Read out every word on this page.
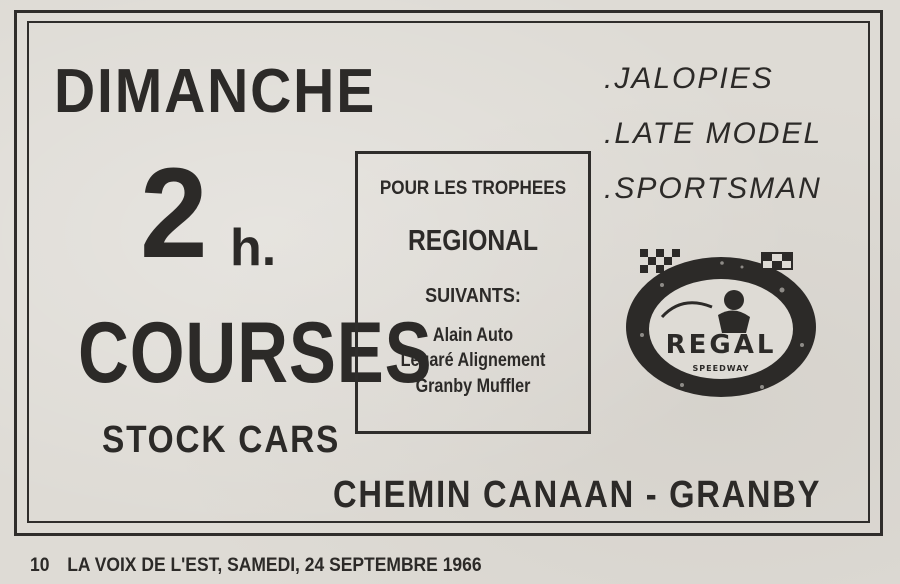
DIMANCHE
2 h.
COURSES
STOCK CARS
POUR LES TROPHEES
REGIONAL
SUIVANTS:
Alain Auto
Légaré Alignement
Granby Muffler
.JALOPIES
.LATE MODEL
.SPORTSMAN
REGAL
SPEEDWAY
CHEMIN CANAAN - GRANBY
10 LA VOIX DE L'EST, SAMEDI, 24 SEPTEMBRE 1966
